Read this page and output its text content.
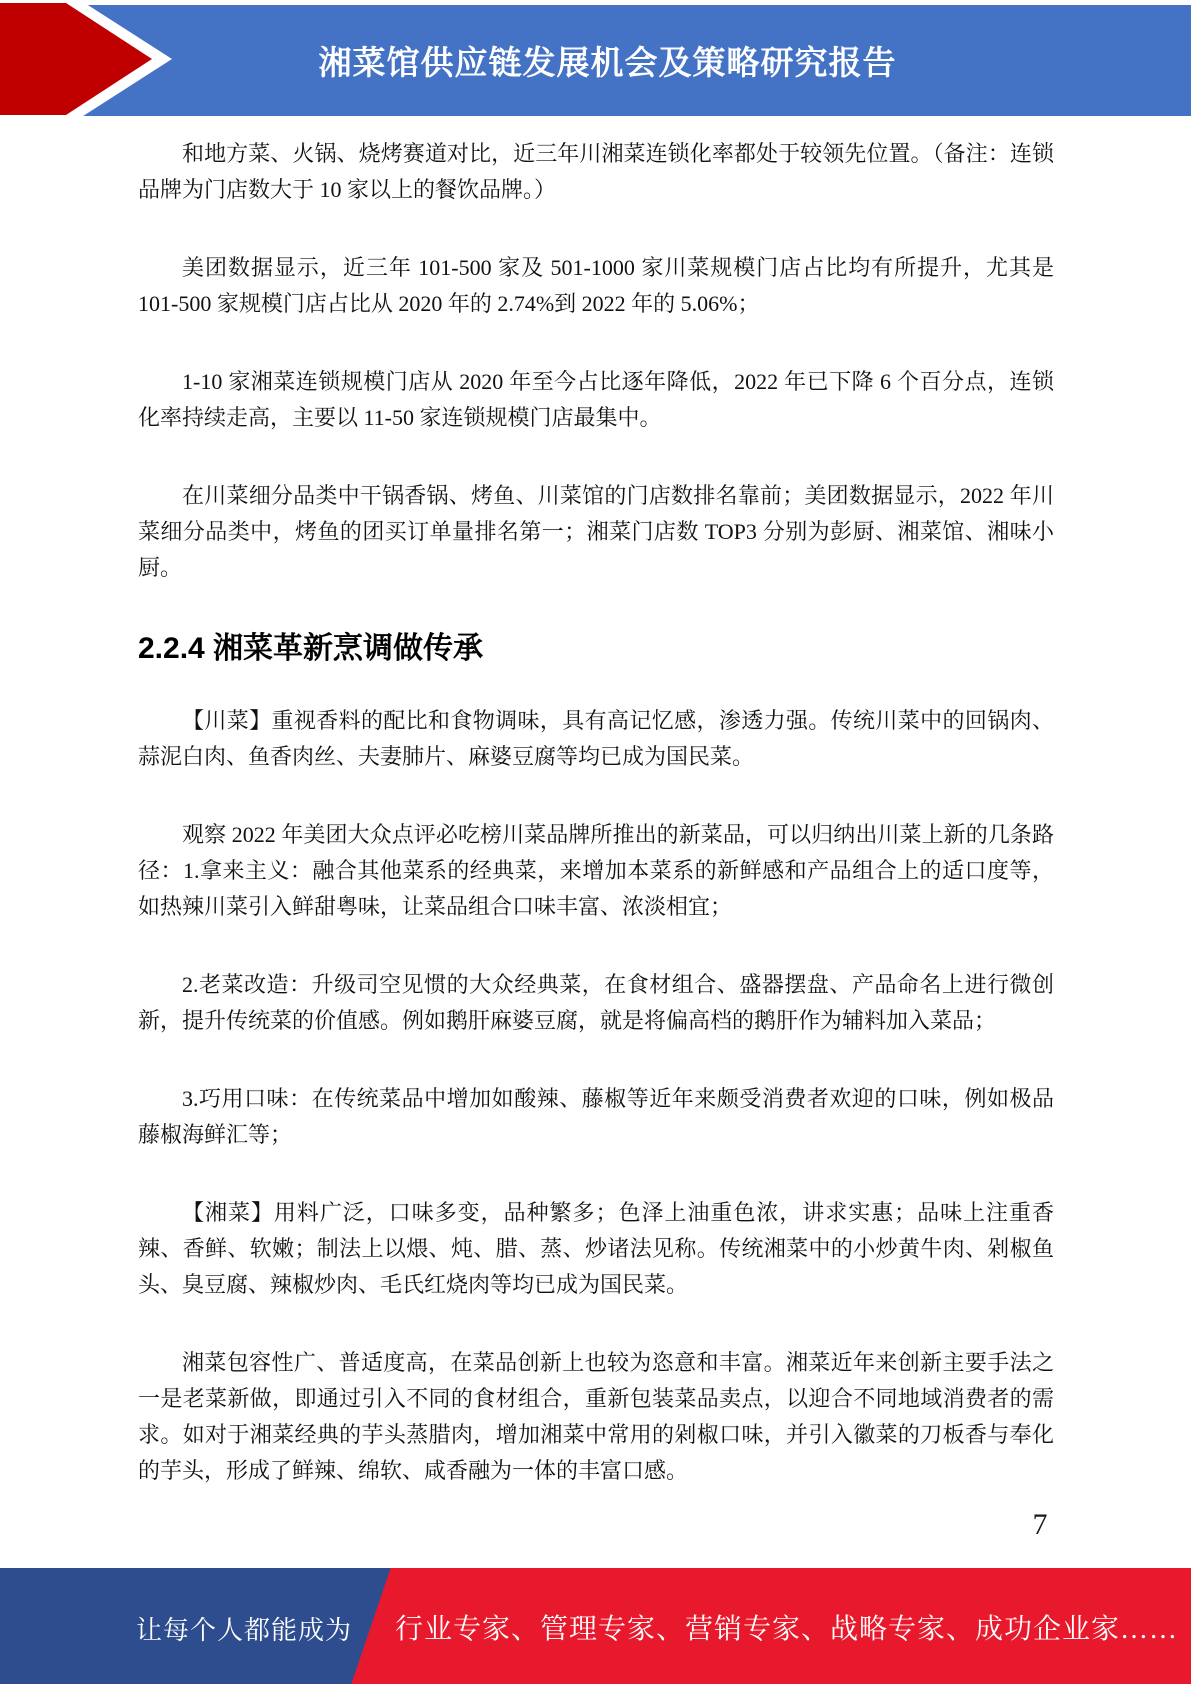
湘菜馆供应链发展机会及策略研究报告

和地方菜、火锅、烧烤赛道对比，近三年川湘菜连锁化率都处于较领先位置。（备注：连锁品牌为门店数大于 10 家以上的餐饮品牌。）

美团数据显示，近三年 101-500 家及 501-1000 家川菜规模门店占比均有所提升，尤其是 101-500 家规模门店占比从 2020 年的 2.74%到 2022 年的 5.06%；

1-10 家湘菜连锁规模门店从 2020 年至今占比逐年降低，2022 年已下降 6 个百分点，连锁化率持续走高，主要以 11-50 家连锁规模门店最集中。

在川菜细分品类中干锅香锅、烤鱼、川菜馆的门店数排名靠前；美团数据显示，2022 年川菜细分品类中，烤鱼的团买订单量排名第一；湘菜门店数 TOP3 分别为彭厨、湘菜馆、湘味小厨。

2.2.4 湘菜革新烹调做传承

【川菜】重视香料的配比和食物调味，具有高记忆感，渗透力强。传统川菜中的回锅肉、蒜泥白肉、鱼香肉丝、夫妻肺片、麻婆豆腐等均已成为国民菜。

观察 2022 年美团大众点评必吃榜川菜品牌所推出的新菜品，可以归纳出川菜上新的几条路径：1.拿来主义：融合其他菜系的经典菜，来增加本菜系的新鲜感和产品组合上的适口度等，如热辣川菜引入鲜甜粤味，让菜品组合口味丰富、浓淡相宜；

2.老菜改造：升级司空见惯的大众经典菜，在食材组合、盛器摆盘、产品命名上进行微创新，提升传统菜的价值感。例如鹅肝麻婆豆腐，就是将偏高档的鹅肝作为辅料加入菜品；

3.巧用口味：在传统菜品中增加如酸辣、藤椒等近年来颇受消费者欢迎的口味，例如极品藤椒海鲜汇等；

【湘菜】用料广泛，口味多变，品种繁多；色泽上油重色浓，讲求实惠；品味上注重香辣、香鲜、软嫩；制法上以煨、炖、腊、蒸、炒诸法见称。传统湘菜中的小炒黄牛肉、剁椒鱼头、臭豆腐、辣椒炒肉、毛氏红烧肉等均已成为国民菜。

湘菜包容性广、普适度高，在菜品创新上也较为恣意和丰富。湘菜近年来创新主要手法之一是老菜新做，即通过引入不同的食材组合，重新包装菜品卖点，以迎合不同地域消费者的需求。如对于湘菜经典的芋头蒸腊肉，增加湘菜中常用的剁椒口味，并引入徽菜的刀板香与奉化的芋头，形成了鲜辣、绵软、咸香融为一体的丰富口感。

7
让每个人都能成为 行业专家、管理专家、营销专家、战略专家、成功企业家……
